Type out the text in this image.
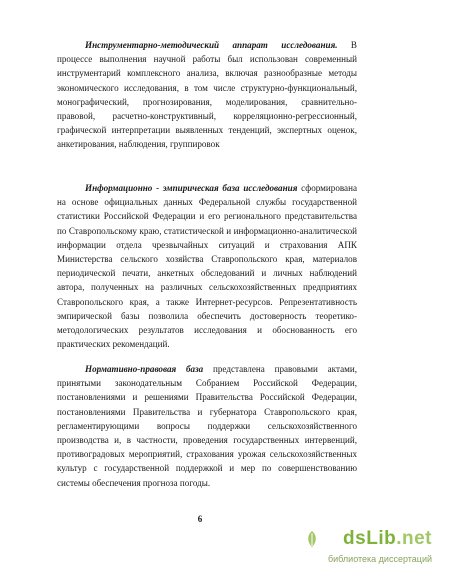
Инструментарно-методический аппарат исследования. В процессе выполнения научной работы был использован современный инструментарий комплексного анализа, включая разнообразные методы экономического исследования, в том числе структурно-функциональный, монографический, прогнозирования, моделирования, сравнительно-правовой, расчетно-конструктивный, корреляционно-регрессионный, графической интерпретации выявленных тенденций, экспертных оценок, анкетирования, наблюдения, группировок

Информационно - эмпирическая база исследования сформирована на основе официальных данных Федеральной службы государственной статистики Российской Федерации и его регионального представительства по Ставропольскому краю, статистической и информационно-аналитической информации отдела чрезвычайных ситуаций и страхования АПК Министерства сельского хозяйства Ставропольского края, материалов периодической печати, анкетных обследований и личных наблюдений автора, полученных на различных сельскохозяйственных предприятиях Ставропольского края, а также Интернет-ресурсов. Репрезентативность эмпирической базы позволила обеспечить достоверность теоретико-методологических результатов исследования и обоснованность его практических рекомендаций.

Нормативно-правовая база представлена правовыми актами, принятыми законодательным Собранием Российской Федерации, постановлениями и решениями Правительства Российской Федерации, постановлениями Правительства и губернатора Ставропольского края, регламентирующими вопросы поддержки сельскохозяйственного производства и, в частности, проведения государственных интервенций, противоградовых мероприятий, страхования урожая сельскохозяйственных культур с государственной поддержкой и мер по совершенствованию системы обеспечения прогноза погоды.

6
dsLib.net
библиотека диссертаций
